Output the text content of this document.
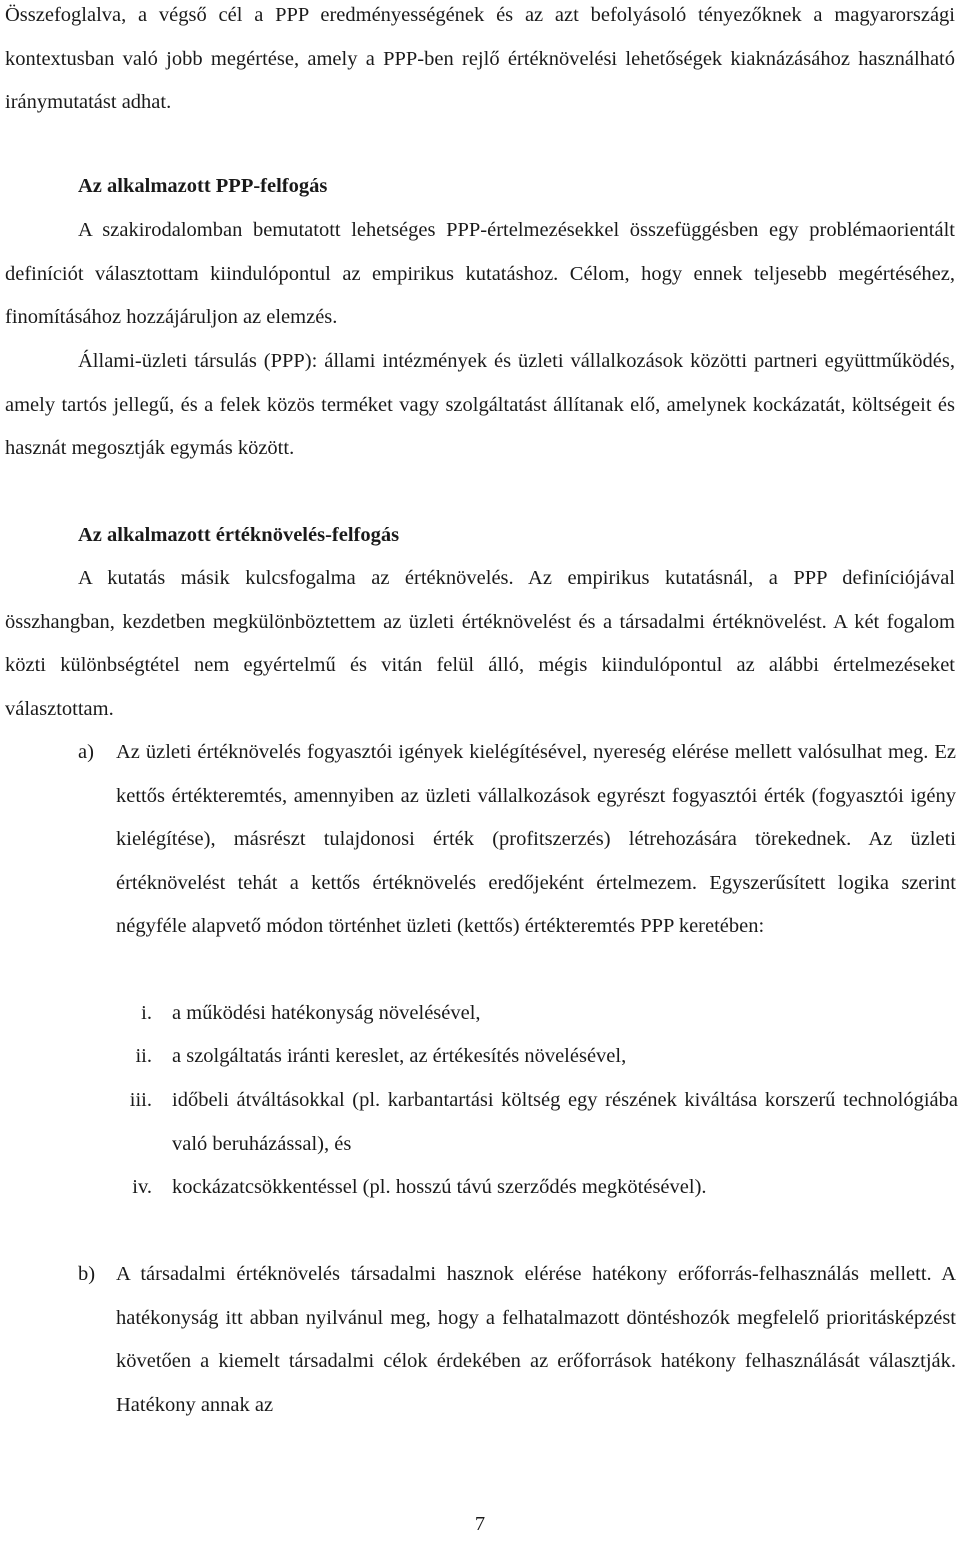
Összefoglalva, a végső cél a PPP eredményességének és az azt befolyásoló tényezőknek a magyarországi kontextusban való jobb megértése, amely a PPP-ben rejlő értéknövelési lehetőségek kiaknázásához használható iránymutatást adhat.

Az alkalmazott PPP-felfogás

A szakirodalomban bemutatott lehetséges PPP-értelmezésekkel összefüggésben egy problémaorientált definíciót választottam kiindulópontul az empirikus kutatáshoz. Célom, hogy ennek teljesebb megértéséhez, finomításához hozzájáruljon az elemzés.

Állami-üzleti társulás (PPP): állami intézmények és üzleti vállalkozások közötti partneri együttműködés, amely tartós jellegű, és a felek közös terméket vagy szolgáltatást állítanak elő, amelynek kockázatát, költségeit és hasznát megosztják egymás között.

Az alkalmazott értéknövelés-felfogás

A kutatás másik kulcsfogalma az értéknövelés. Az empirikus kutatásnál, a PPP definíciójával összhangban, kezdetben megkülönböztettem az üzleti értéknövelést és a társadalmi értéknövelést. A két fogalom közti különbségtétel nem egyértelmű és vitán felül álló, mégis kiindulópontul az alábbi értelmezéseket választottam.

a) Az üzleti értéknövelés fogyasztói igények kielégítésével, nyereség elérése mellett valósulhat meg. Ez kettős értékteremtés, amennyiben az üzleti vállalkozások egyrészt fogyasztói érték (fogyasztói igény kielégítése), másrészt tulajdonosi érték (profitszerzés) létrehozására törekednek. Az üzleti értéknövelést tehát a kettős értéknövelés eredőjeként értelmezem. Egyszerűsített logika szerint négyféle alapvető módon történhet üzleti (kettős) értékteremtés PPP keretében:
i. a működési hatékonyság növelésével,
ii. a szolgáltatás iránti kereslet, az értékesítés növelésével,
iii. időbeli átváltásokkal (pl. karbantartási költség egy részének kiváltása korszerű technológiába való beruházással), és
iv. kockázatcsökkentéssel (pl. hosszú távú szerződés megkötésével).
b) A társadalmi értéknövelés társadalmi hasznok elérése hatékony erőforrás-felhasználás mellett. A hatékonyság itt abban nyilvánul meg, hogy a felhatalmazott döntéshozók megfelelő prioritásképzést követően a kiemelt társadalmi célok érdekében az erőforrások hatékony felhasználását választják. Hatékony annak az
7
